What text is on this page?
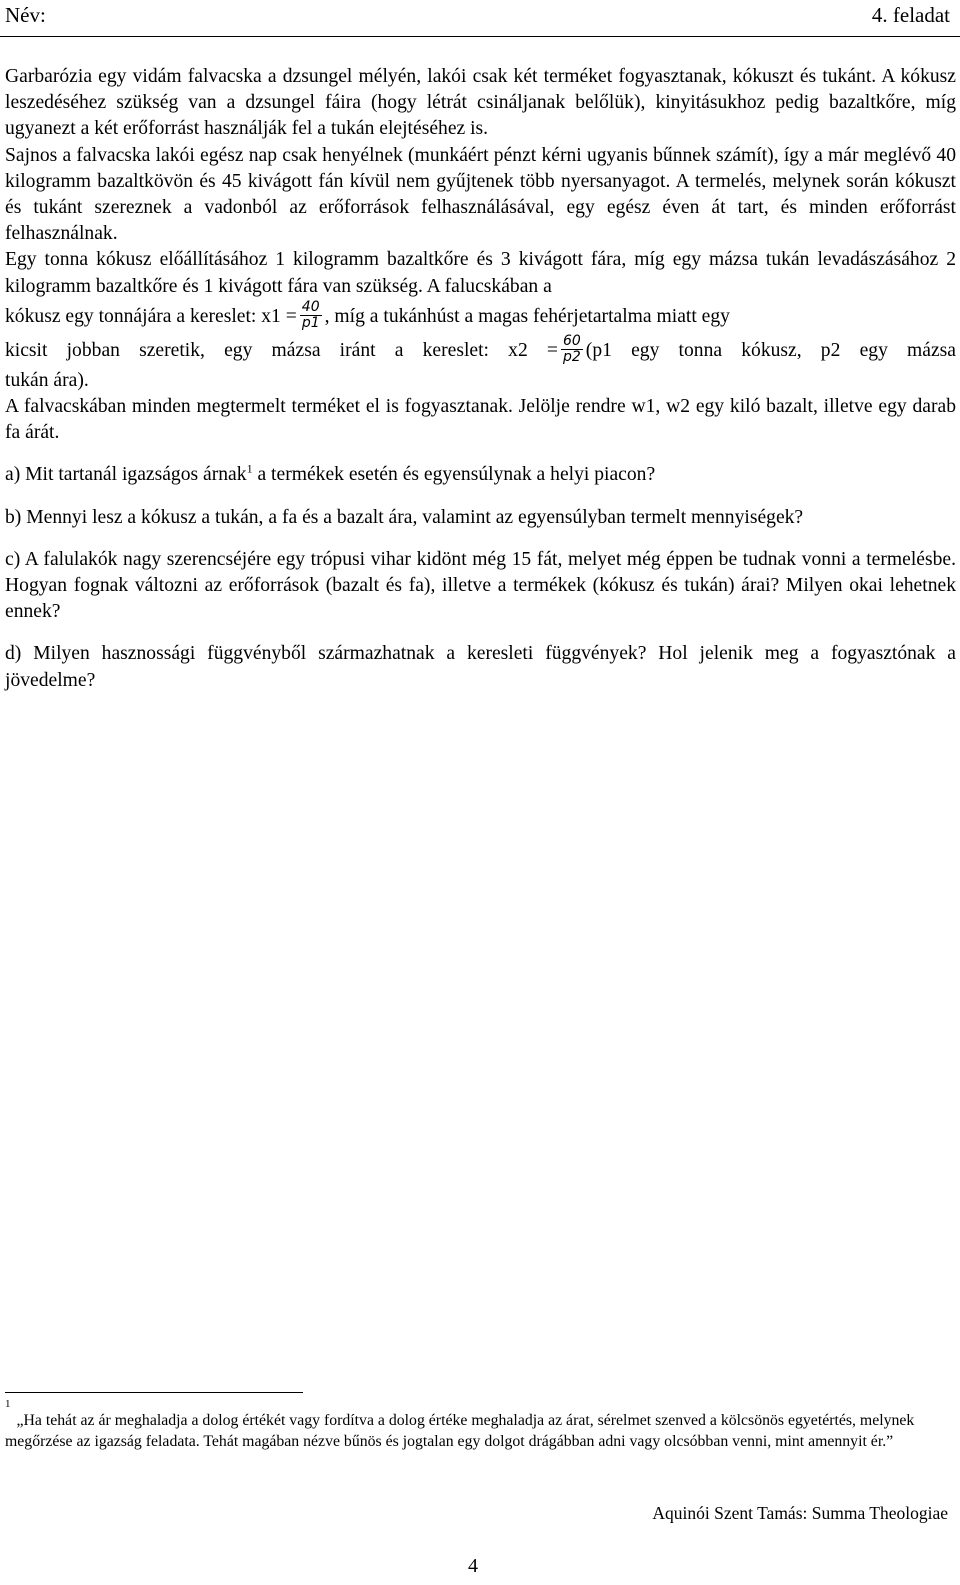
Név:	4. feladat

Garbarózia egy vidám falvacska a dzsungel mélyén, lakói csak két terméket fogyasztanak, kókuszt és tukánt. A kókusz leszedéséhez szükség van a dzsungel fáira (hogy létrát csináljanak belőlük), kinyitásukhoz pedig bazaltkőre, míg ugyanezt a két erőforrást használják fel a tukán elejtéséhez is.

Sajnos a falvacska lakói egész nap csak henyélnek (munkáért pénzt kérni ugyanis bűnnek számít), így a már meglévő 40 kilogramm bazaltkövön és 45 kivágott fán kívül nem gyűjtenek több nyersanyagot. A termelés, melynek során kókuszt és tukánt szereznek a vadonból az erőforrások felhasználásával, egy egész éven át tart, és minden erőforrást felhasználnak.

Egy tonna kókusz előállításához 1 kilogramm bazaltkőre és 3 kivágott fára, míg egy mázsa tukán levadászásához 2 kilogramm bazaltkőre és 1 kivágott fára van szükség. A falucskában a

kókusz egy tonnájára a kereslet: $x1 = \frac{40}{p1}$ , míg a tukánhúst a magas fehérjetartalma miatt egy

kicsit jobban szeretik, egy mázsa iránt a kereslet: $x2 = \frac{60}{p2} (p1$ egy tonna kókusz, p2 egy mázsa

tukán ára).

A falvacskában minden megtermelt terméket el is fogyasztanak. Jelölje rendre w1, w2 egy kiló bazalt, illetve egy darab fa árát.

a) Mit tartanál igazságos árnak$^1$ a termékek esetén és egyensúlynak a helyi piacon?

b) Mennyi lesz a kókusz a tukán, a fa és a bazalt ára, valamint az egyensúlyban termelt mennyiségek?

c) A falulakók nagy szerencséjére egy trópusi vihar kidönt még 15 fát, melyet még éppen be tudnak vonni a termelésbe. Hogyan fognak változni az erőforrások (bazalt és fa), illetve a termékek (kókusz és tukán) árai? Milyen okai lehetnek ennek?

d) Milyen hasznossági függvényből származhatnak a keresleti függvények? Hol jelenik meg a fogyasztónak a jövedelme?

$^1$„Ha tehát az ár meghaladja a dolog értékét vagy fordítva a dolog értéke meghaladja az árat, sérelmet szenved a kölcsönös egyetértés, melynek megőrzése az igazság feladata. Tehát magában nézve bűnös és jogtalan egy dolgot drágábban adni vagy olcsóbban venni, mint amennyit ér.”
Aquinói Szent Tamás: Summa Theologiae
4
